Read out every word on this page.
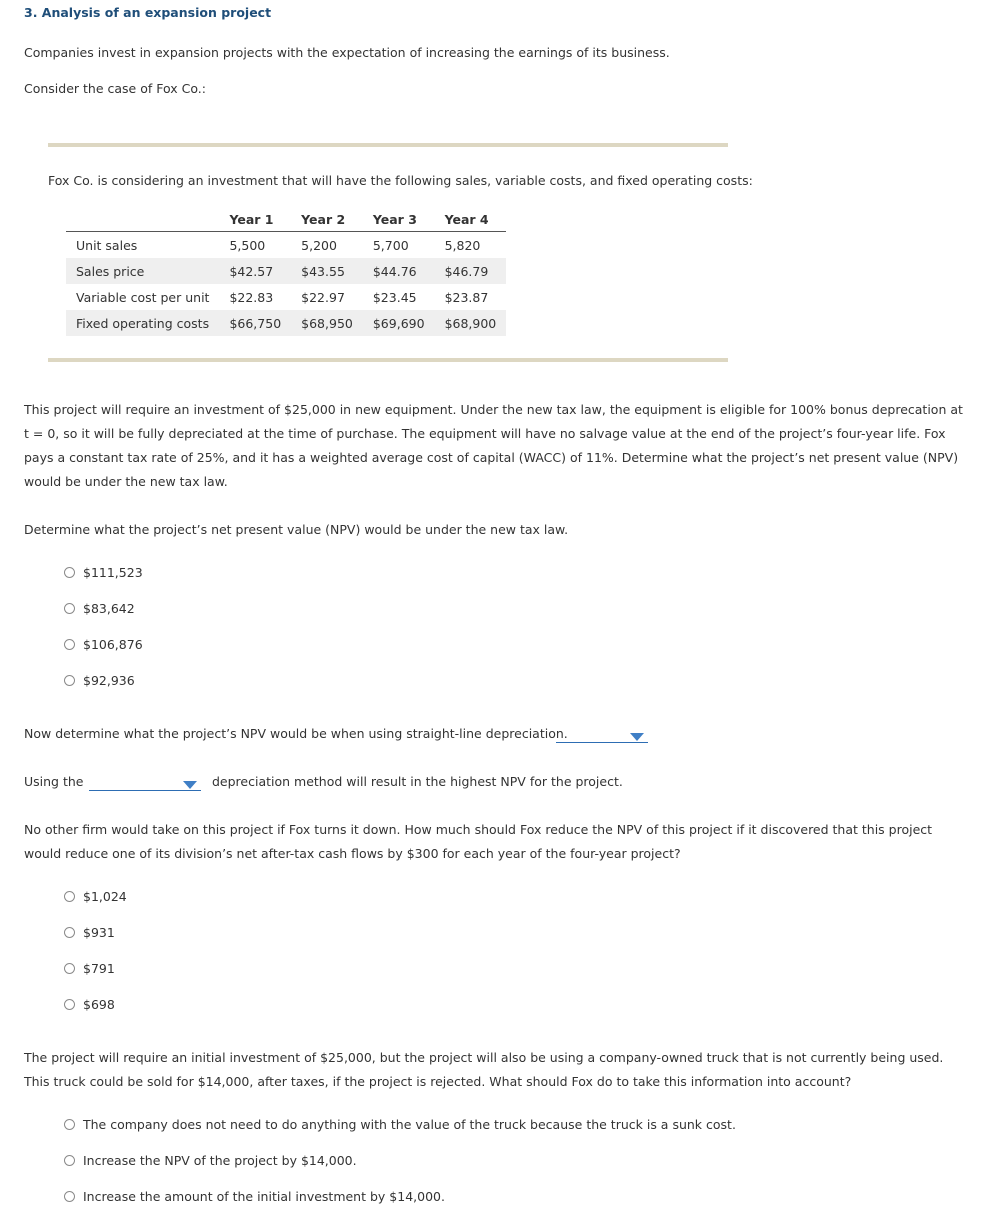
3. Analysis of an expansion project
Companies invest in expansion projects with the expectation of increasing the earnings of its business.
Consider the case of Fox Co.:
Fox Co. is considering an investment that will have the following sales, variable costs, and fixed operating costs:
	Year 1	Year 2	Year 3	Year 4
Unit sales	5,500	5,200	5,700	5,820
Sales price	$42.57	$43.55	$44.76	$46.79
Variable cost per unit	$22.83	$22.97	$23.45	$23.87
Fixed operating costs	$66,750	$68,950	$69,690	$68,900
This project will require an investment of $25,000 in new equipment. Under the new tax law, the equipment is eligible for 100% bonus deprecation at
t = 0, so it will be fully depreciated at the time of purchase. The equipment will have no salvage value at the end of the project’s four-year life. Fox
pays a constant tax rate of 25%, and it has a weighted average cost of capital (WACC) of 11%. Determine what the project’s net present value (NPV)
would be under the new tax law.
Determine what the project’s net present value (NPV) would be under the new tax law.
$111,523
$83,642
$106,876
$92,936
Now determine what the project’s NPV would be when using straight-line depreciation.
Using the	depreciation method will result in the highest NPV for the project.
No other firm would take on this project if Fox turns it down. How much should Fox reduce the NPV of this project if it discovered that this project
would reduce one of its division’s net after-tax cash flows by $300 for each year of the four-year project?
$1,024
$931
$791
$698
The project will require an initial investment of $25,000, but the project will also be using a company-owned truck that is not currently being used.
This truck could be sold for $14,000, after taxes, if the project is rejected. What should Fox do to take this information into account?
The company does not need to do anything with the value of the truck because the truck is a sunk cost.
Increase the NPV of the project by $14,000.
Increase the amount of the initial investment by $14,000.
